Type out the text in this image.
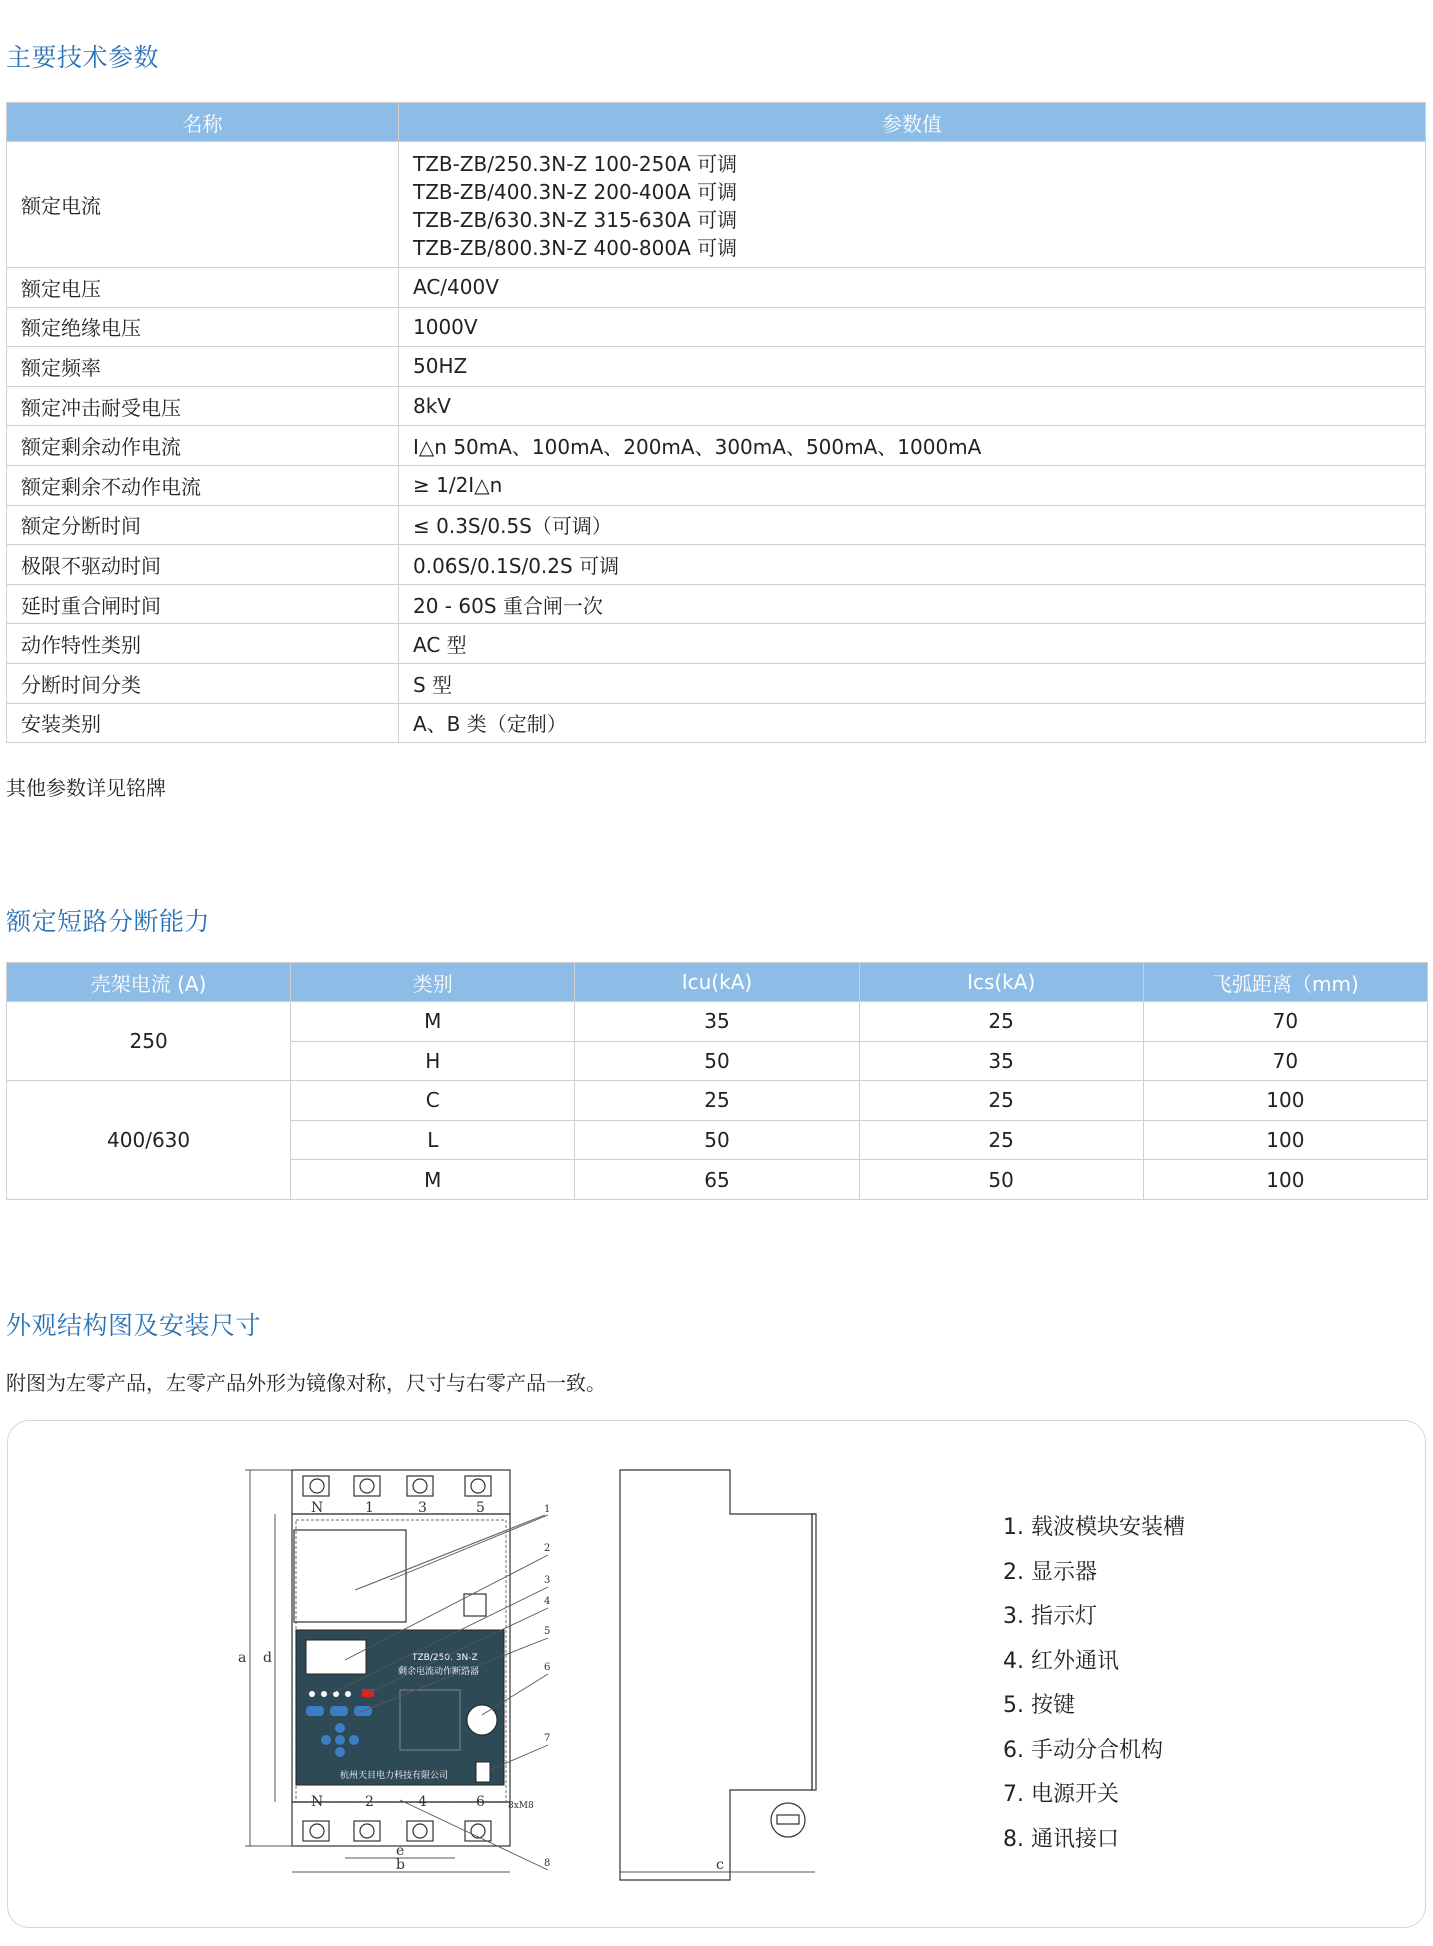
主要技术参数
名称	参数值
额定电流	TZB-ZB/250.3N-Z 100-250A 可调
TZB-ZB/400.3N-Z 200-400A 可调
TZB-ZB/630.3N-Z 315-630A 可调
TZB-ZB/800.3N-Z 400-800A 可调

额定电压	AC/400V
额定绝缘电压	1000V
额定频率	50HZ
额定冲击耐受电压	8kV
额定剩余动作电流	I△n 50mA、100mA、200mA、300mA、500mA、1000mA
额定剩余不动作电流	≥ 1/2I△n
额定分断时间	≤ 0.3S/0.5S（可调）
极限不驱动时间	0.06S/0.1S/0.2S 可调
延时重合闸时间	20 - 60S 重合闸一次
动作特性类别	AC 型
分断时间分类	S 型
安装类别	A、B 类（定制）
其他参数详见铭牌
额定短路分断能力
壳架电流 (A)	类别	Icu(kA)	Ics(kA)	飞弧距离（mm)
250	M	35	25	70
	H	50	35	70
400/630	C	25	25	100
	L	50	25	100
	M	65	50	100
外观结构图及安装尺寸
附图为左零产品，左零产品外形为镜像对称，尺寸与右零产品一致。
TZB/250. 3N-Z
剩余电流动作断路器
杭州天目电力科技有限公司
N	1	3	5
N	2	4	6
a d
e
b	c
8xM8
1
2
3
4
5
6
7
8
1. 载波模块安装槽
2. 显示器
3. 指示灯
4. 红外通讯
5. 按键
6. 手动分合机构
7. 电源开关
8. 通讯接口
